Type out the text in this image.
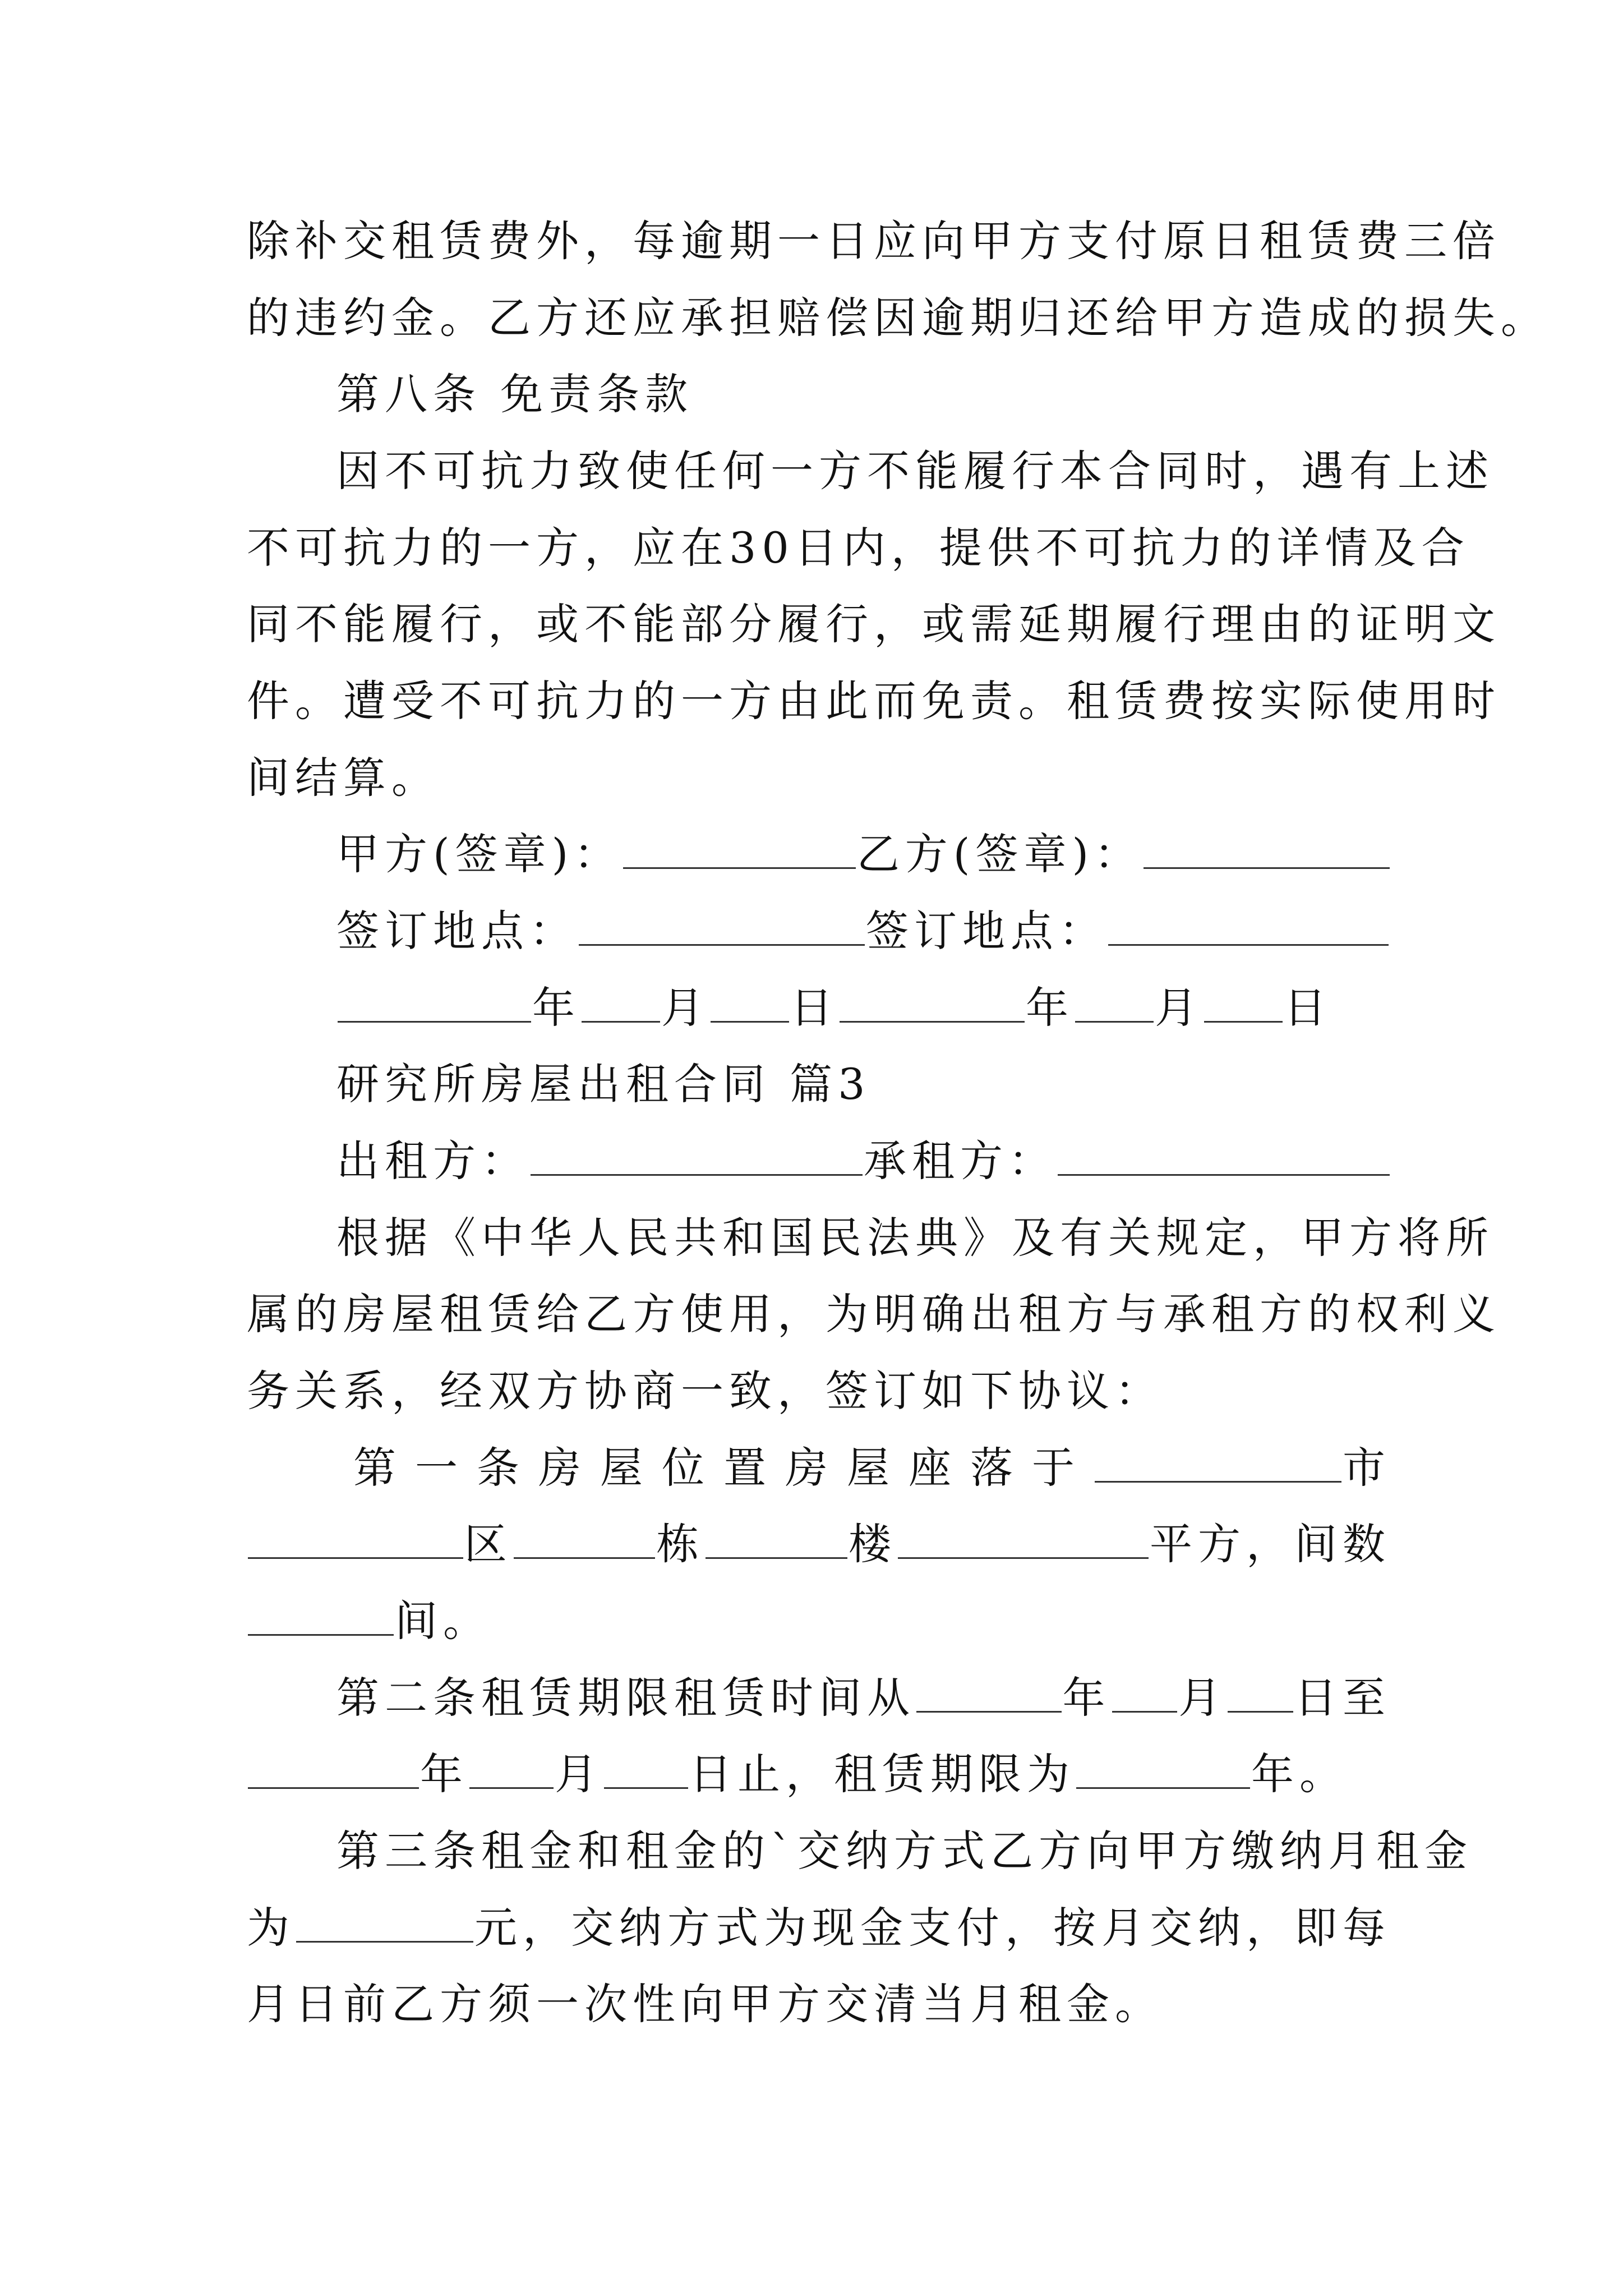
除补交租赁费外，每逾期一日应向甲方支付原日租赁费三倍
的违约金。乙方还应承担赔偿因逾期归还给甲方造成的损失。
第八条 免责条款
因不可抗力致使任何一方不能履行本合同时，遇有上述
不可抗力的一方，应在30日内，提供不可抗力的详情及合
同不能履行，或不能部分履行，或需延期履行理由的证明文
件。遭受不可抗力的一方由此而免责。租赁费按实际使用时
间结算。
甲方(签章)：	乙方(签章)：
签订地点：	签订地点：
年 月 日	年 月 日
研究所房屋出租合同 篇3
出租方：	承租方：
根据《中华人民共和国民法典》及有关规定，甲方将所
属的房屋租赁给乙方使用，为明确出租方与承租方的权利义
务关系，经双方协商一致，签订如下协议：
第一条房屋位置房屋座落于	市
区	栋	楼	平方，间数
间。
第二条租赁期限租赁时间从	年 月 日至
年 月 日止，租赁期限为	年。
第三条租金和租金的`交纳方式乙方向甲方缴纳月租金
为	元，交纳方式为现金支付，按月交纳，即每
月日前乙方须一次性向甲方交清当月租金。
